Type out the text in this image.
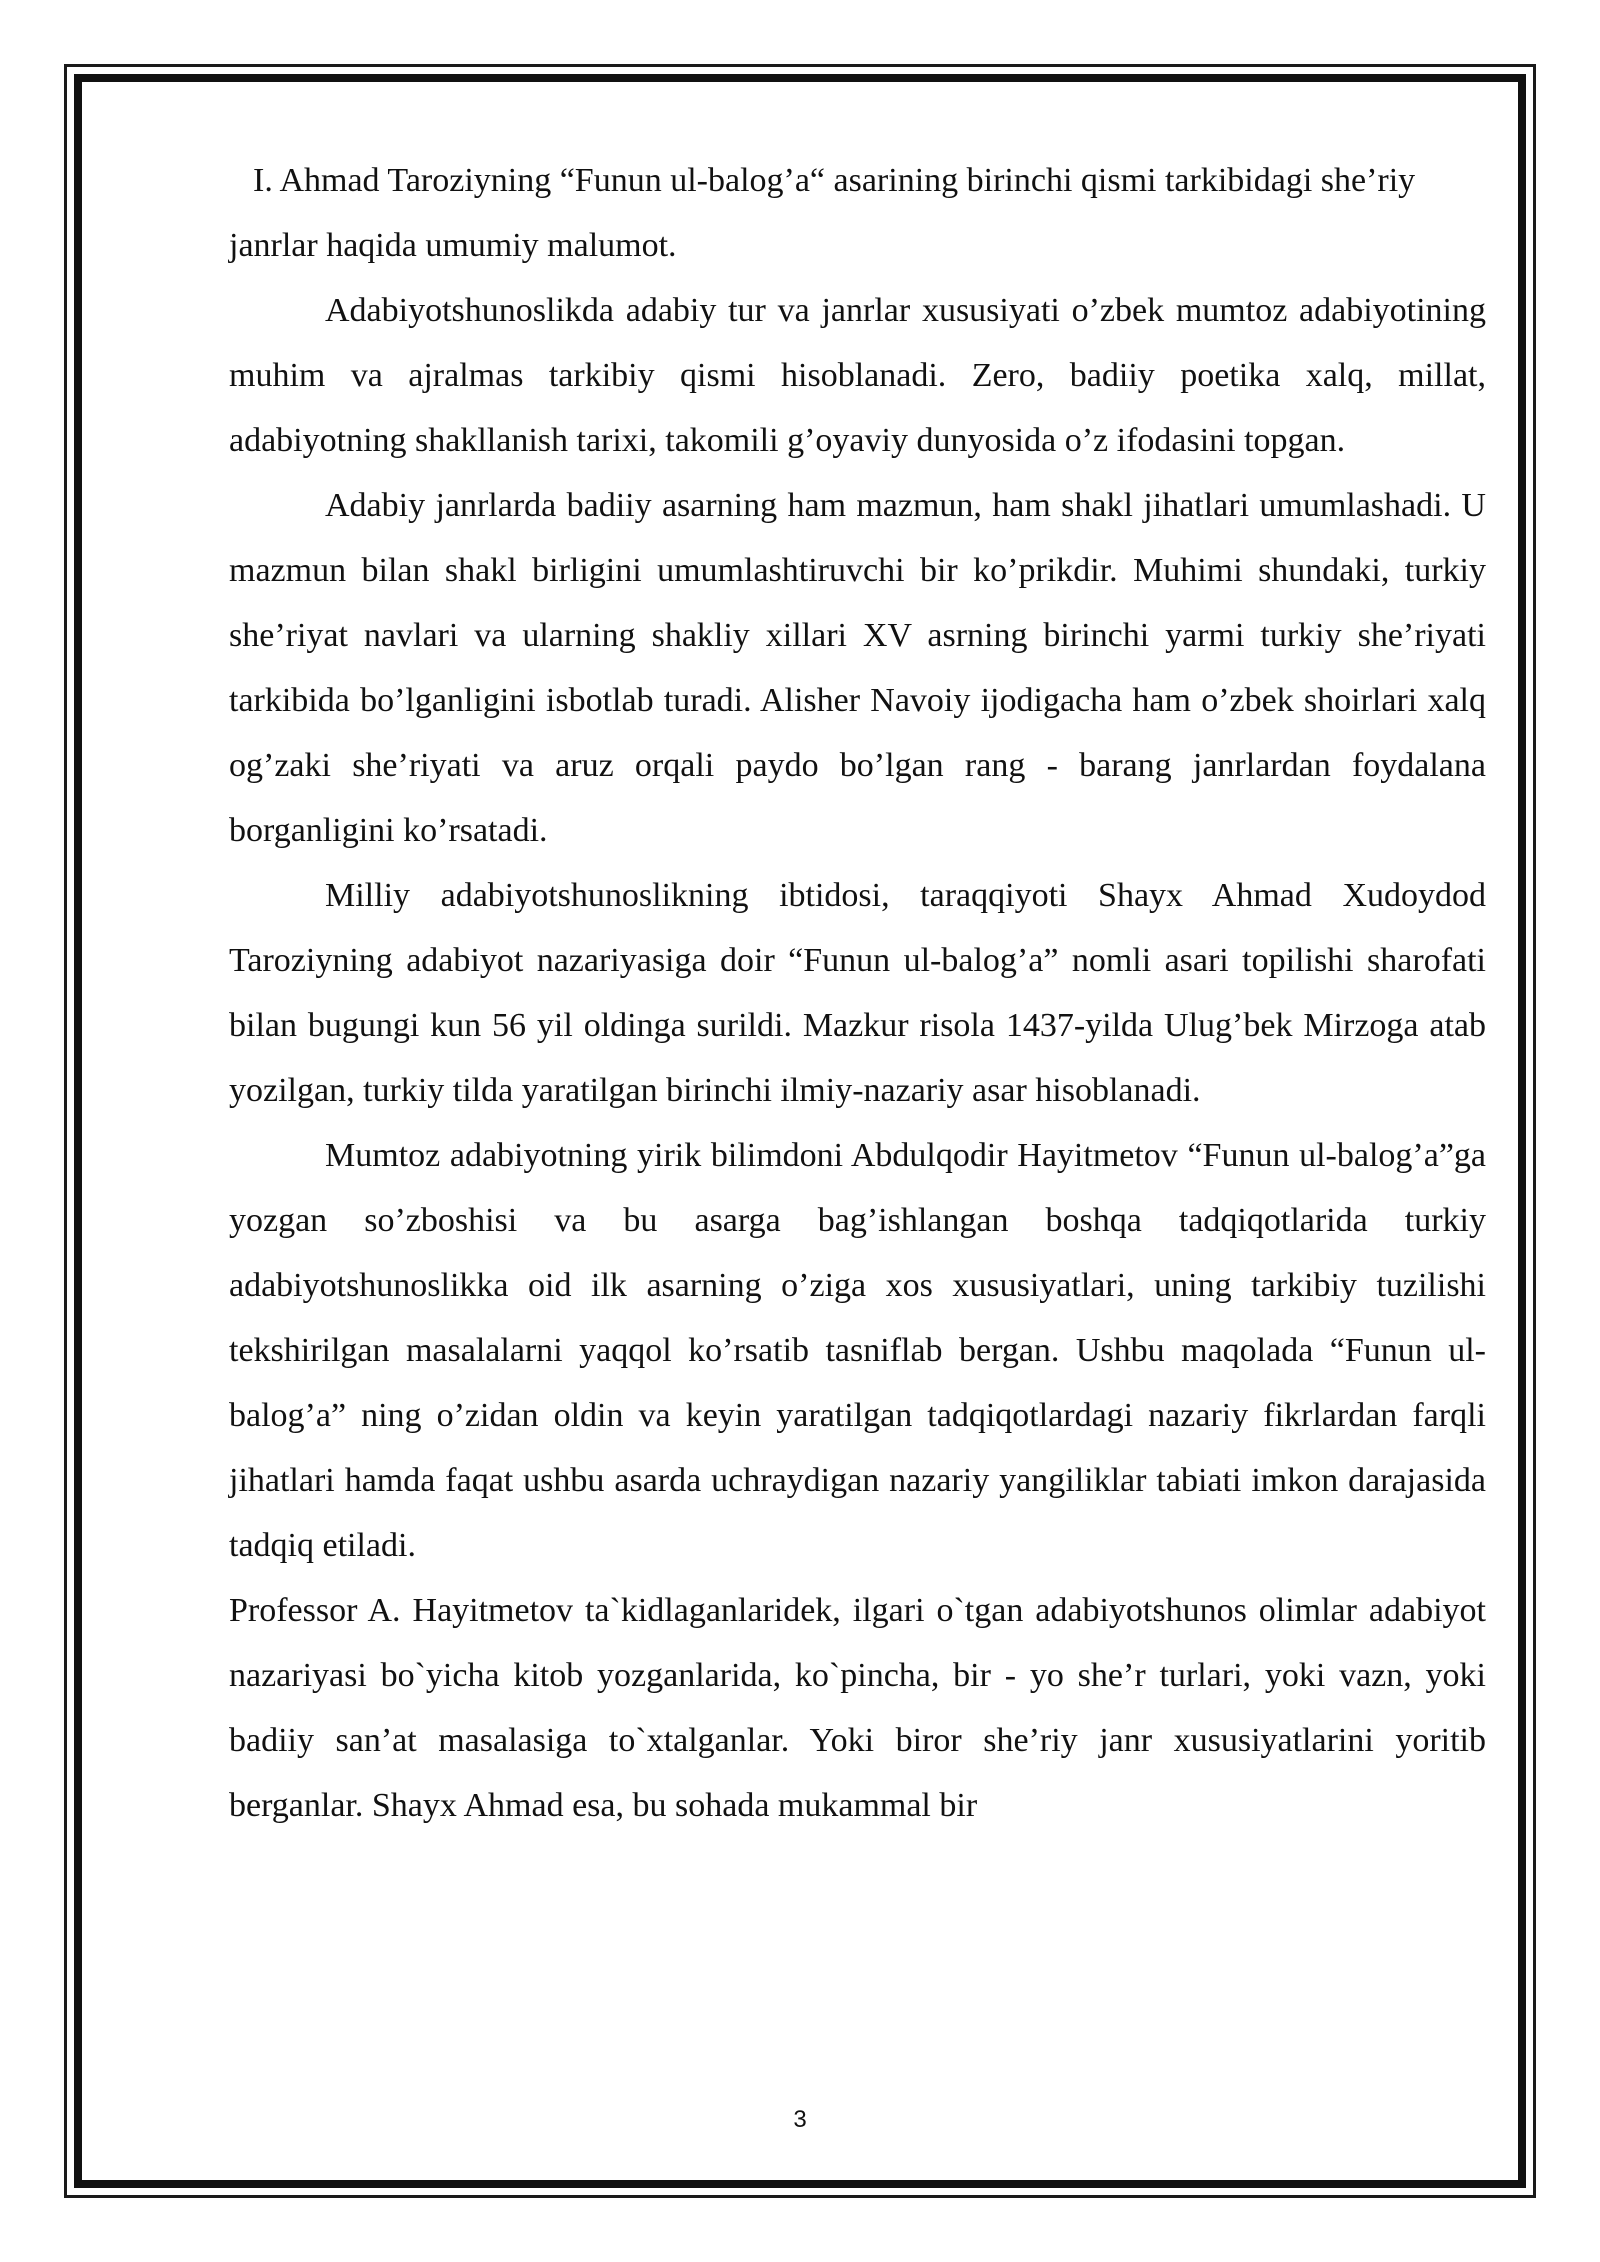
I. Ahmad Taroziyning “Funun ul-balog’a“ asarining birinchi qismi tarkibidagi she’riy janrlar haqida umumiy malumot.

Adabiyotshunoslikda adabiy tur va janrlar xususiyati o’zbek mumtoz adabiyotining muhim va ajralmas tarkibiy qismi hisoblanadi. Zero, badiiy poetika xalq, millat, adabiyotning shakllanish tarixi, takomili g’oyaviy dunyosida o’z ifodasini topgan.

Adabiy janrlarda badiiy asarning ham mazmun, ham shakl jihatlari umumlashadi. U mazmun bilan shakl birligini umumlashtiruvchi bir ko’prikdir. Muhimi shundaki, turkiy she’riyat navlari va ularning shakliy xillari XV asrning birinchi yarmi turkiy she’riyati tarkibida bo’lganligini isbotlab turadi. Alisher Navoiy ijodigacha ham o’zbek shoirlari xalq og’zaki she’riyati va aruz orqali paydo bo’lgan rang - barang janrlardan foydalana borganligini ko’rsatadi.

Milliy adabiyotshunoslikning ibtidosi, taraqqiyoti Shayx Ahmad Xudoydod Taroziyning adabiyot nazariyasiga doir “Funun ul-balog’a” nomli asari topilishi sharofati bilan bugungi kun 56 yil oldinga surildi. Mazkur risola 1437-yilda Ulug’bek Mirzoga atab yozilgan, turkiy tilda yaratilgan birinchi ilmiy-nazariy asar hisoblanadi.

Mumtoz adabiyotning yirik bilimdoni Abdulqodir Hayitmetov “Funun ul-balog’a”ga yozgan so’zboshisi va bu asarga bag’ishlangan boshqa tadqiqotlarida turkiy adabiyotshunoslikka oid ilk asarning o’ziga xos xususiyatlari, uning tarkibiy tuzilishi tekshirilgan masalalarni yaqqol ko’rsatib tasniflab bergan. Ushbu maqolada “Funun ul-balog’a” ning o’zidan oldin va keyin yaratilgan tadqiqotlardagi nazariy fikrlardan farqli jihatlari hamda faqat ushbu asarda uchraydigan nazariy yangiliklar tabiati imkon darajasida tadqiq etiladi.

Professor A. Hayitmetov ta`kidlaganlaridek, ilgari o`tgan adabiyotshunos olimlar adabiyot nazariyasi bo`yicha kitob yozganlarida, ko`pincha, bir - yo she’r turlari, yoki vazn, yoki badiiy san’at masalasiga to`xtalganlar. Yoki biror she’riy janr xususiyatlarini yoritib berganlar. Shayx Ahmad esa, bu sohada mukammal bir

3
